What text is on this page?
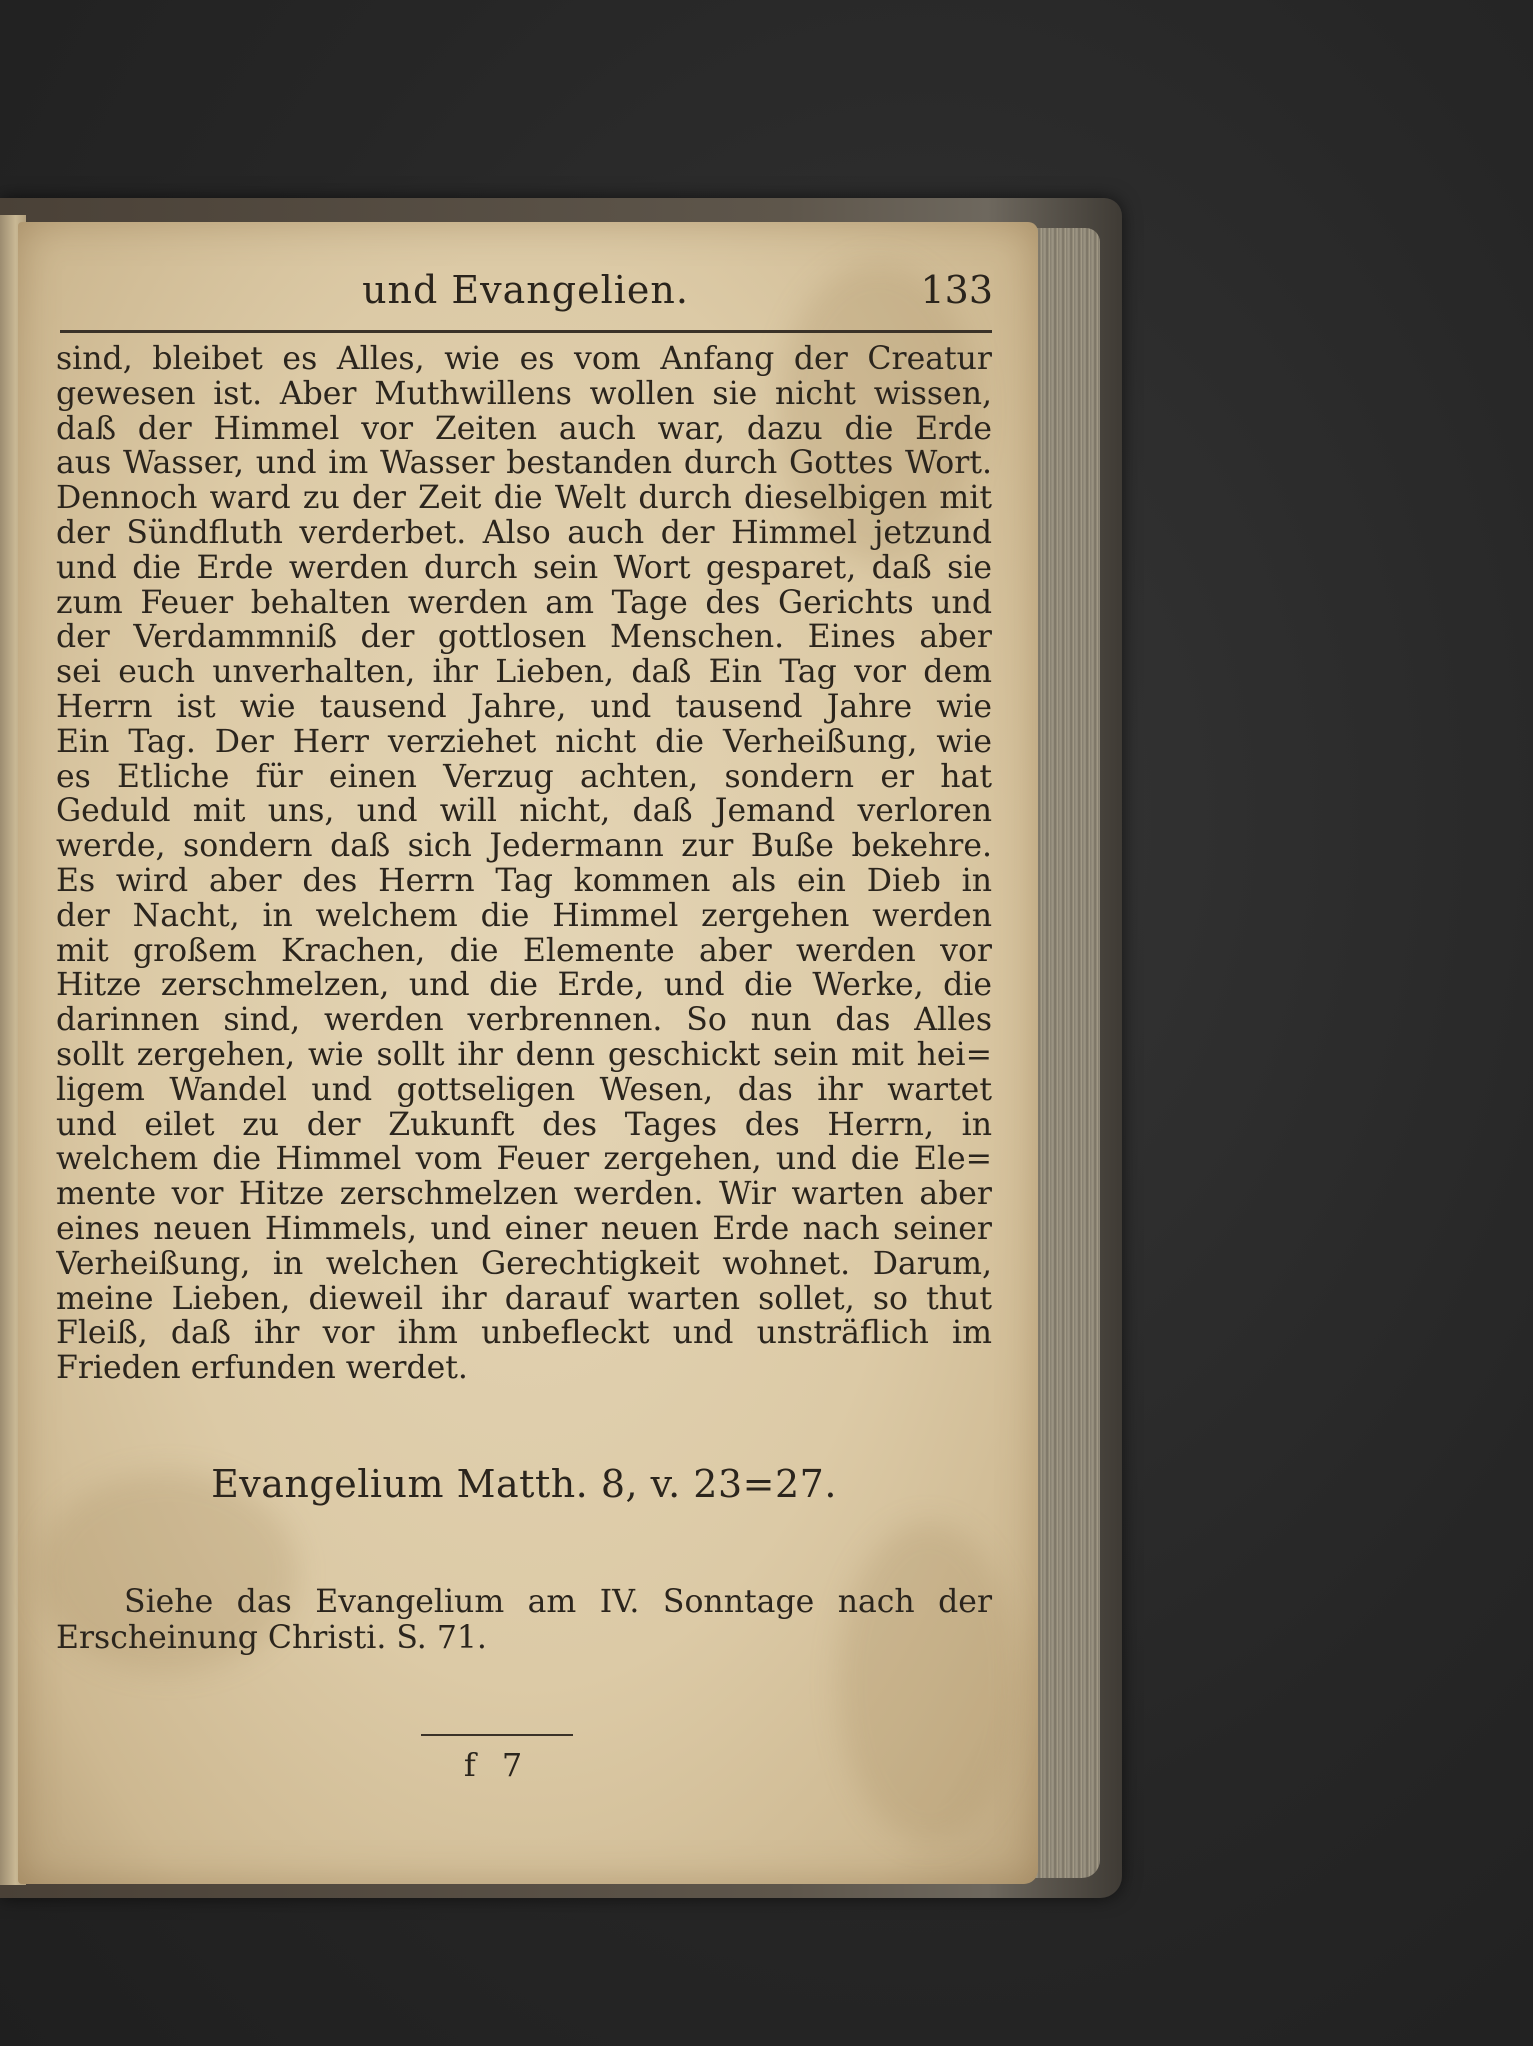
und Evangelien.	133
sind, bleibet es Alles, wie es vom Anfang der Creatur
gewesen ist. Aber Muthwillens wollen sie nicht wissen,
daß der Himmel vor Zeiten auch war, dazu die Erde
aus Wasser, und im Wasser bestanden durch Gottes Wort.
Dennoch ward zu der Zeit die Welt durch dieselbigen mit
der Sündfluth verderbet. Also auch der Himmel jetzund
und die Erde werden durch sein Wort gesparet, daß sie
zum Feuer behalten werden am Tage des Gerichts und
der Verdammniß der gottlosen Menschen. Eines aber
sei euch unverhalten, ihr Lieben, daß Ein Tag vor dem
Herrn ist wie tausend Jahre, und tausend Jahre wie
Ein Tag. Der Herr verziehet nicht die Verheißung, wie
es Etliche für einen Verzug achten, sondern er hat
Geduld mit uns, und will nicht, daß Jemand verloren
werde, sondern daß sich Jedermann zur Buße bekehre.
Es wird aber des Herrn Tag kommen als ein Dieb in
der Nacht, in welchem die Himmel zergehen werden
mit großem Krachen, die Elemente aber werden vor
Hitze zerschmelzen, und die Erde, und die Werke, die
darinnen sind, werden verbrennen. So nun das Alles
sollt zergehen, wie sollt ihr denn geschickt sein mit hei=
ligem Wandel und gottseligen Wesen, das ihr wartet
und eilet zu der Zukunft des Tages des Herrn, in
welchem die Himmel vom Feuer zergehen, und die Ele=
mente vor Hitze zerschmelzen werden. Wir warten aber
eines neuen Himmels, und einer neuen Erde nach seiner
Verheißung, in welchen Gerechtigkeit wohnet. Darum,
meine Lieben, dieweil ihr darauf warten sollet, so thut
Fleiß, daß ihr vor ihm unbefleckt und unsträflich im
Frieden erfunden werdet.
Evangelium Matth. 8, v. 23=27.
Siehe das Evangelium am IV. Sonntage nach der
Erscheinung Christi. S. 71.
f 7
